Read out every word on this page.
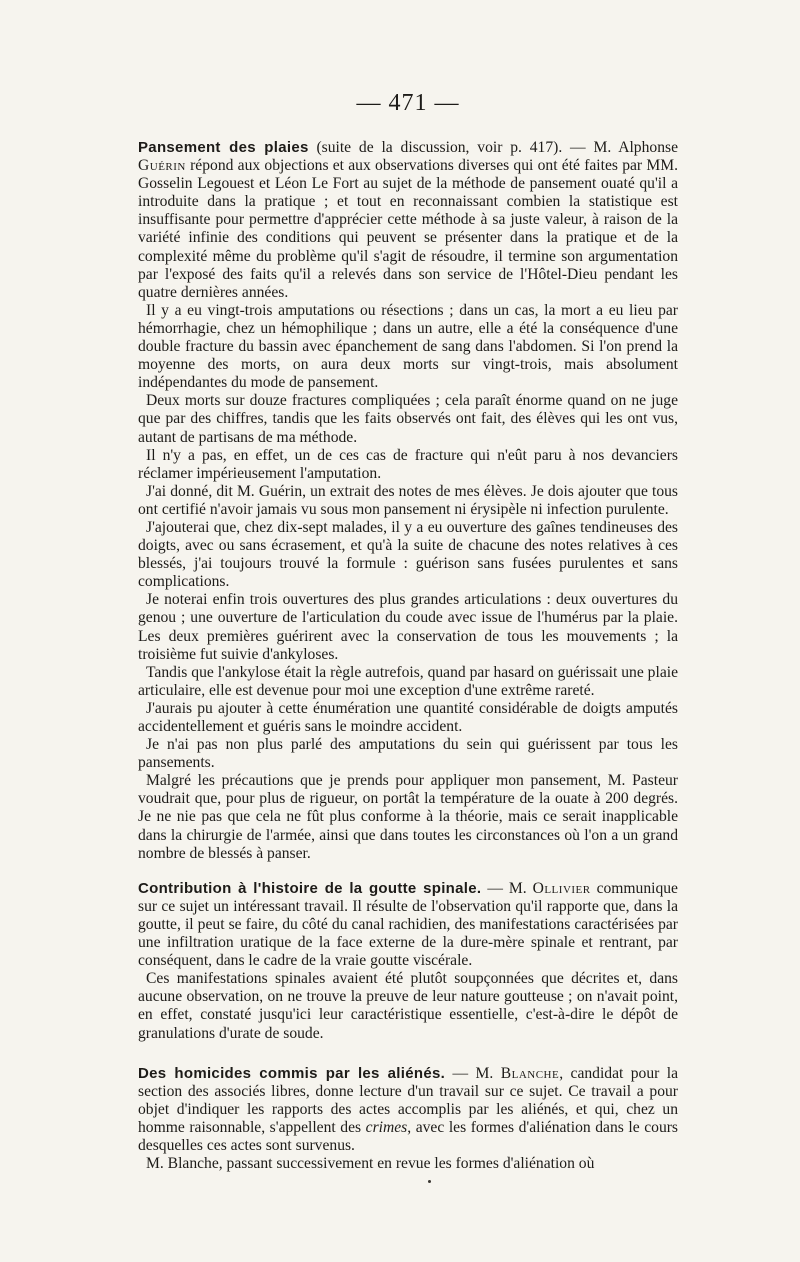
— 471 —

Pansement des plaies (suite de la discussion, voir p. 417). — M. Alphonse Guérin répond aux objections et aux observations diverses qui ont été faites par MM. Gosselin Legouest et Léon Le Fort au sujet de la méthode de pansement ouaté qu'il a introduite dans la pratique ; et tout en reconnaissant combien la statistique est insuffisante pour permettre d'apprécier cette méthode à sa juste valeur, à raison de la variété infinie des conditions qui peuvent se présenter dans la pratique et de la complexité même du problème qu'il s'agit de résoudre, il termine son argumentation par l'exposé des faits qu'il a relevés dans son service de l'Hôtel-Dieu pendant les quatre dernières années.

Il y a eu vingt-trois amputations ou résections ; dans un cas, la mort a eu lieu par hémorrhagie, chez un hémophilique ; dans un autre, elle a été la conséquence d'une double fracture du bassin avec épanchement de sang dans l'abdomen. Si l'on prend la moyenne des morts, on aura deux morts sur vingt-trois, mais absolument indépendantes du mode de pansement.

Deux morts sur douze fractures compliquées ; cela paraît énorme quand on ne juge que par des chiffres, tandis que les faits observés ont fait, des élèves qui les ont vus, autant de partisans de ma méthode.

Il n'y a pas, en effet, un de ces cas de fracture qui n'eût paru à nos devanciers réclamer impérieusement l'amputation.

J'ai donné, dit M. Guérin, un extrait des notes de mes élèves. Je dois ajouter que tous ont certifié n'avoir jamais vu sous mon pansement ni érysipèle ni infection purulente.

J'ajouterai que, chez dix-sept malades, il y a eu ouverture des gaînes tendineuses des doigts, avec ou sans écrasement, et qu'à la suite de chacune des notes relatives à ces blessés, j'ai toujours trouvé la formule : guérison sans fusées purulentes et sans complications.

Je noterai enfin trois ouvertures des plus grandes articulations : deux ouvertures du genou ; une ouverture de l'articulation du coude avec issue de l'humérus par la plaie. Les deux premières guérirent avec la conservation de tous les mouvements ; la troisième fut suivie d'ankyloses.

Tandis que l'ankylose était la règle autrefois, quand par hasard on guérissait une plaie articulaire, elle est devenue pour moi une exception d'une extrême rareté.

J'aurais pu ajouter à cette énumération une quantité considérable de doigts amputés accidentellement et guéris sans le moindre accident.

Je n'ai pas non plus parlé des amputations du sein qui guérissent par tous les pansements.

Malgré les précautions que je prends pour appliquer mon pansement, M. Pasteur voudrait que, pour plus de rigueur, on portât la température de la ouate à 200 degrés. Je ne nie pas que cela ne fût plus conforme à la théorie, mais ce serait inapplicable dans la chirurgie de l'armée, ainsi que dans toutes les circonstances où l'on a un grand nombre de blessés à panser.

Contribution à l'histoire de la goutte spinale. — M. Ollivier communique sur ce sujet un intéressant travail. Il résulte de l'observation qu'il rapporte que, dans la goutte, il peut se faire, du côté du canal rachidien, des manifestations caractérisées par une infiltration uratique de la face externe de la dure-mère spinale et rentrant, par conséquent, dans le cadre de la vraie goutte viscérale.

Ces manifestations spinales avaient été plutôt soupçonnées que décrites et, dans aucune observation, on ne trouve la preuve de leur nature goutteuse ; on n'avait point, en effet, constaté jusqu'ici leur caractéristique essentielle, c'est-à-dire le dépôt de granulations d'urate de soude.

Des homicides commis par les aliénés. — M. Blanche, candidat pour la section des associés libres, donne lecture d'un travail sur ce sujet. Ce travail a pour objet d'indiquer les rapports des actes accomplis par les aliénés, et qui, chez un homme raisonnable, s'appellent des crimes, avec les formes d'aliénation dans le cours desquelles ces actes sont survenus.

M. Blanche, passant successivement en revue les formes d'aliénation où
